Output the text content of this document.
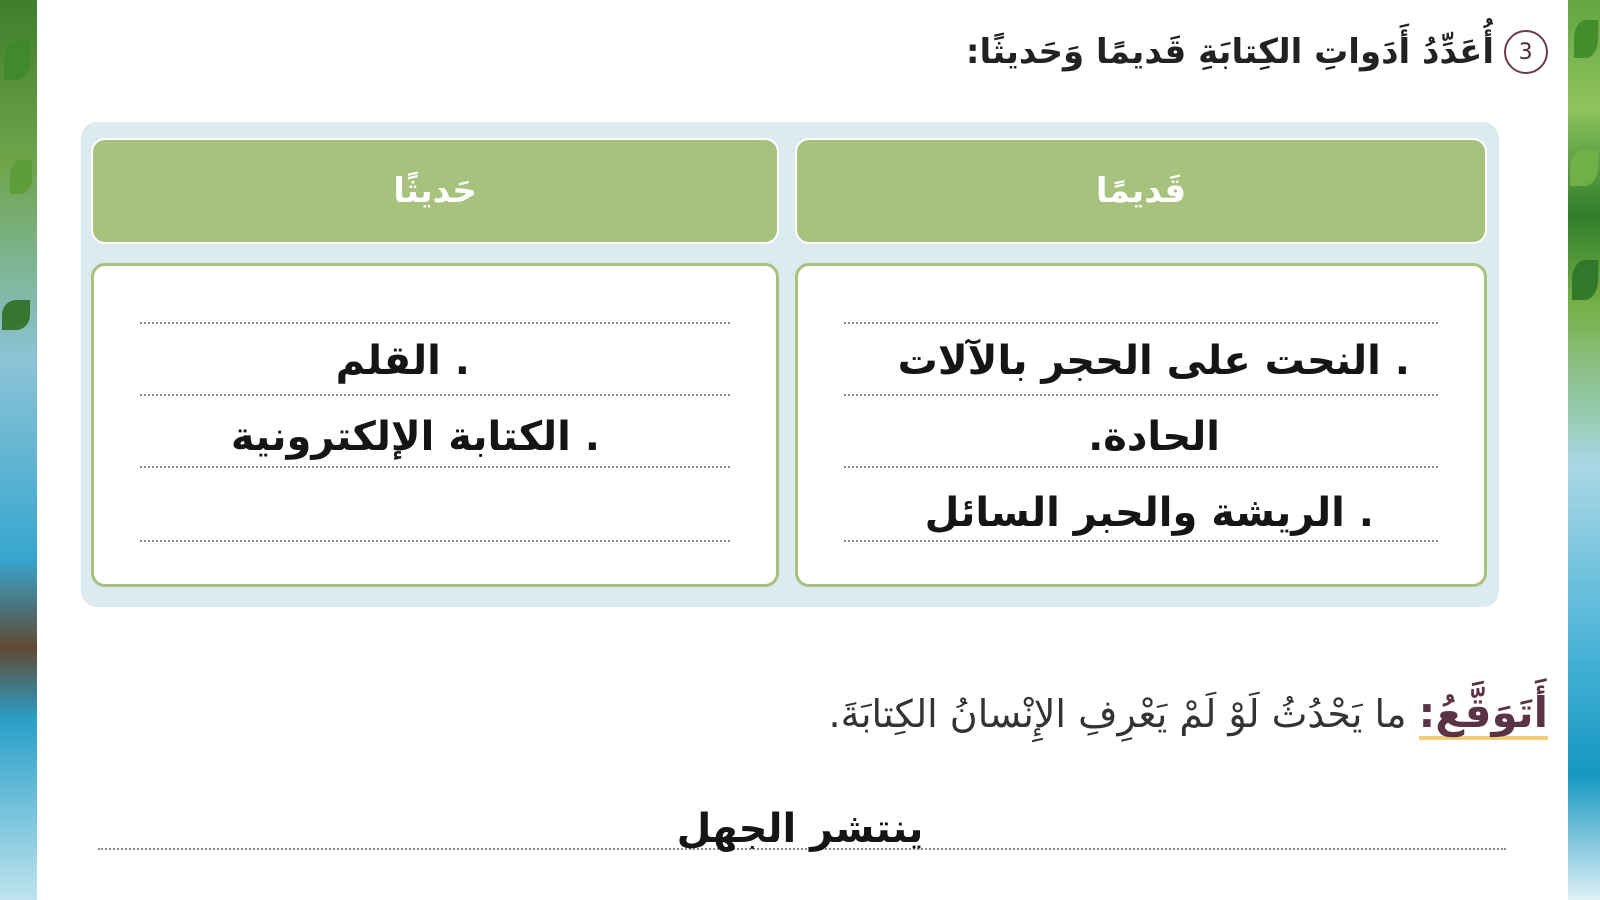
3
أُعَدِّدُ أَدَواتِ الكِتابَةِ قَديمًا وَحَديثًا:
قَديمًا
حَديثًا
. النحت على الحجر بالآلات
الحادة.
. الريشة والحبر السائل
. القلم
. الكتابة الإلكترونية
أَتَوَقَّعُ:
ما يَحْدُثُ لَوْ لَمْ يَعْرِفِ الإِنْسانُ الكِتابَةَ.
ينتشر الجهل
